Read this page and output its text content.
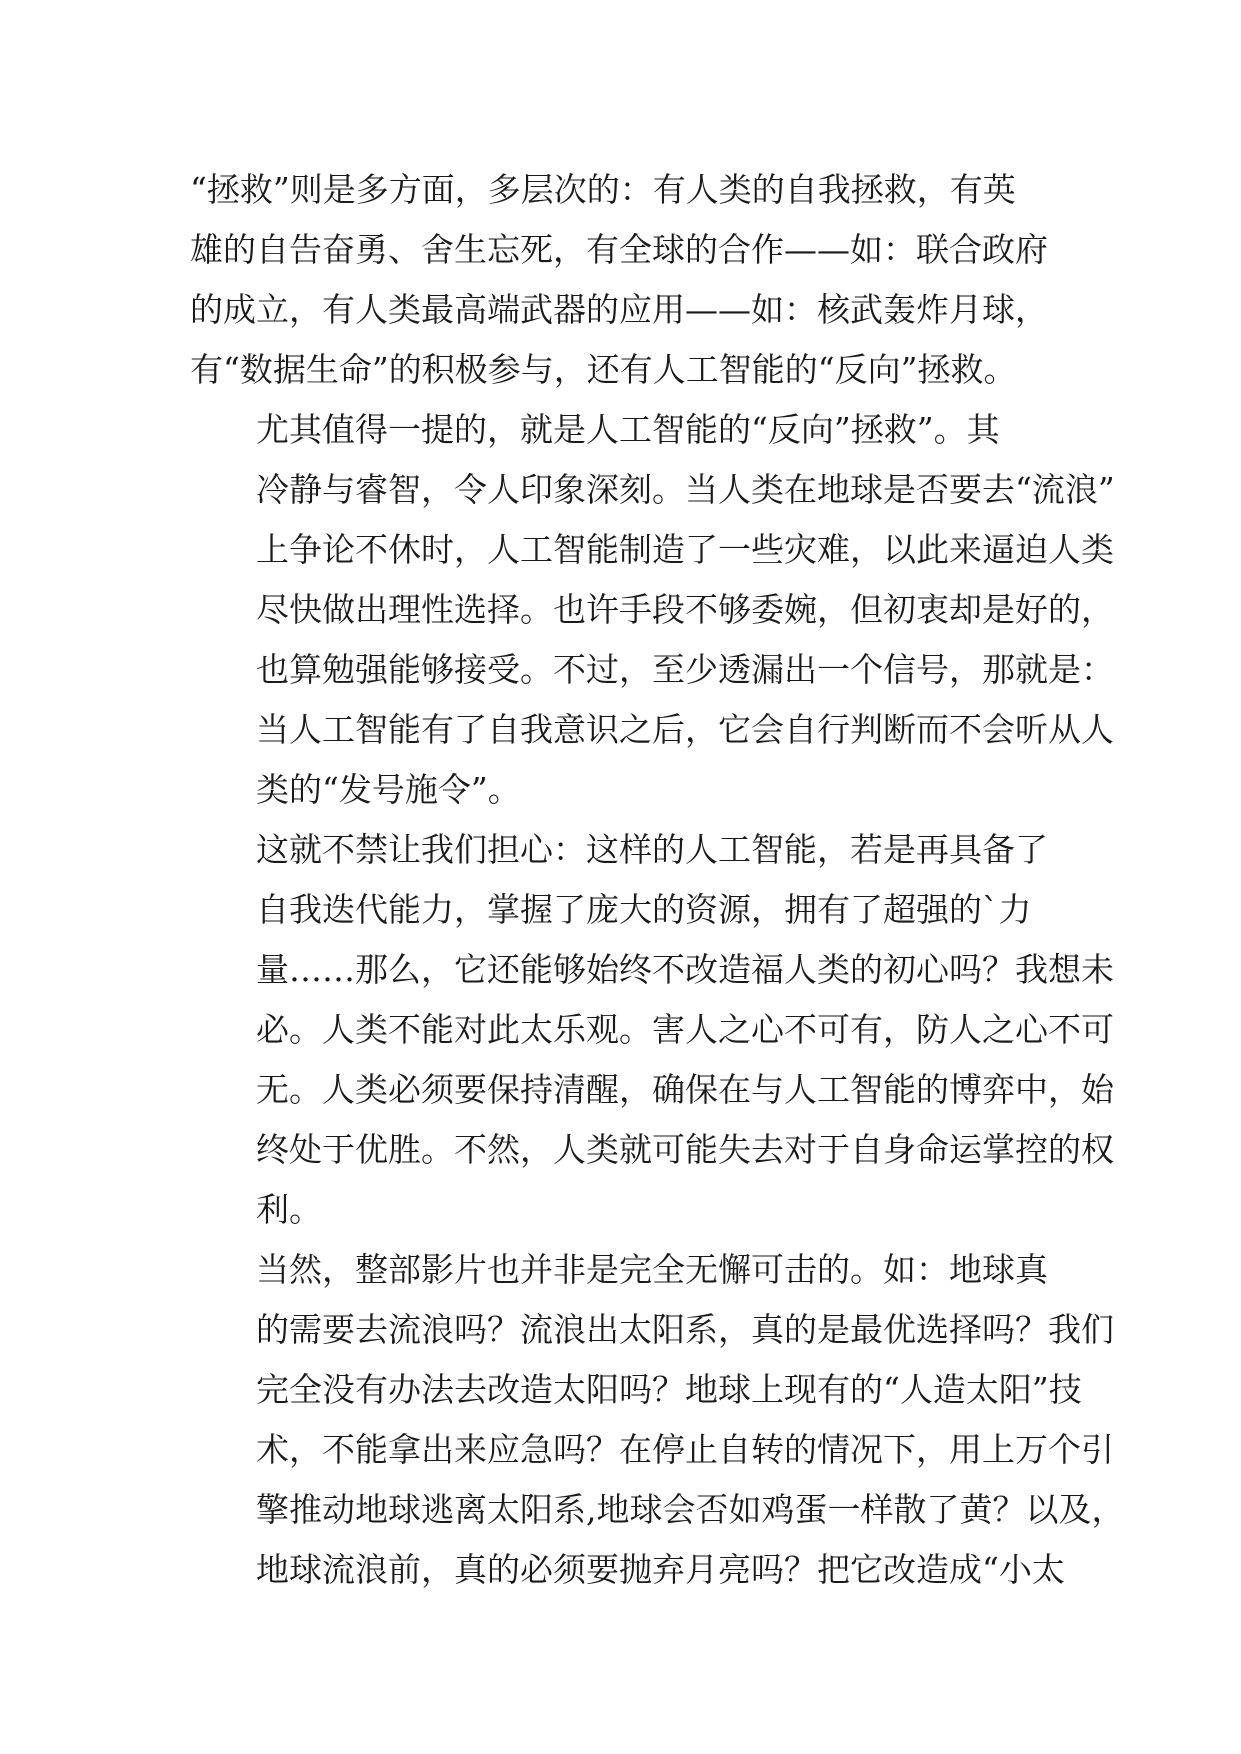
“拯救”则是多方面，多层次的：有人类的自我拯救，有英
雄的自告奋勇、舍生忘死，有全球的合作——如：联合政府
的成立，有人类最高端武器的应用——如：核武轰炸月球，
有“数据生命”的积极参与，还有人工智能的“反向”拯救。

尤其值得一提的，就是人工智能的“反向”拯救”。其
冷静与睿智，令人印象深刻。当人类在地球是否要去“流浪”
上争论不休时，人工智能制造了一些灾难，以此来逼迫人类
尽快做出理性选择。也许手段不够委婉，但初衷却是好的，
也算勉强能够接受。不过，至少透漏出一个信号，那就是：
当人工智能有了自我意识之后，它会自行判断而不会听从人
类的“发号施令”。

这就不禁让我们担心：这样的人工智能，若是再具备了
自我迭代能力，掌握了庞大的资源，拥有了超强的`力
量……那么，它还能够始终不改造福人类的初心吗？我想未
必。人类不能对此太乐观。害人之心不可有，防人之心不可
无。人类必须要保持清醒，确保在与人工智能的博弈中，始
终处于优胜。不然，人类就可能失去对于自身命运掌控的权
利。

当然，整部影片也并非是完全无懈可击的。如：地球真
的需要去流浪吗？流浪出太阳系，真的是最优选择吗？我们
完全没有办法去改造太阳吗？地球上现有的“人造太阳”技
术，不能拿出来应急吗？在停止自转的情况下，用上万个引
擎推动地球逃离太阳系,地球会否如鸡蛋一样散了黄？以及，
地球流浪前，真的必须要抛弃月亮吗？把它改造成“小太
